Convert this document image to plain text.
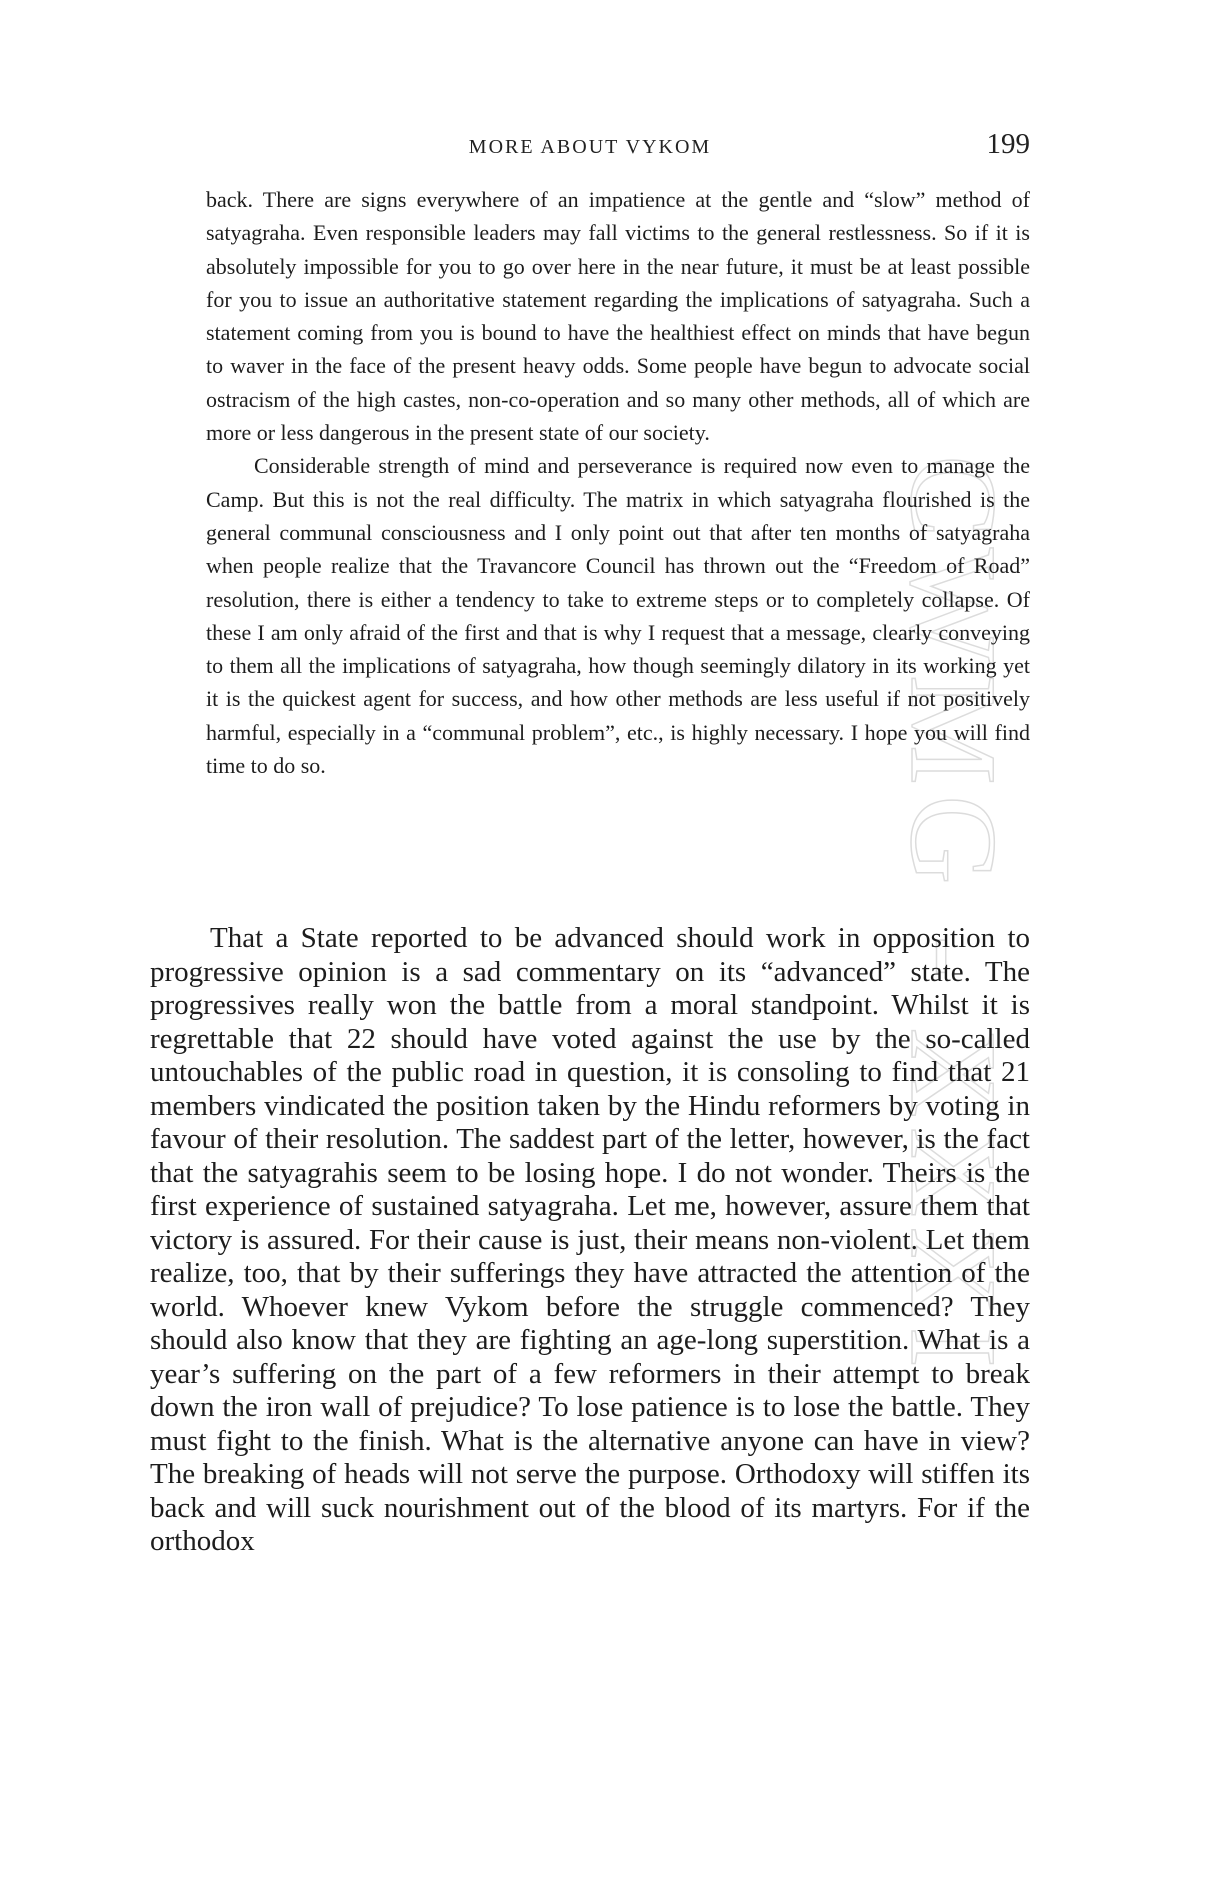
CWMG - XXXI
MORE ABOUT VYKOM	199

back. There are signs everywhere of an impatience at the gentle and “slow” method of satyagraha. Even responsible leaders may fall victims to the general restlessness. So if it is absolutely impossible for you to go over here in the near future, it must be at least possible for you to issue an authoritative statement regarding the implications of satyagraha. Such a statement coming from you is bound to have the healthiest effect on minds that have begun to waver in the face of the present heavy odds. Some people have begun to advocate social ostracism of the high castes, non-co-operation and so many other methods, all of which are more or less dangerous in the present state of our society.

Considerable strength of mind and perseverance is required now even to manage the Camp. But this is not the real difficulty. The matrix in which satyagraha flourished is the general communal consciousness and I only point out that after ten months of satyagraha when people realize that the Travancore Council has thrown out the “Freedom of Road” resolution, there is either a tendency to take to extreme steps or to completely collapse. Of these I am only afraid of the first and that is why I request that a message, clearly conveying to them all the implications of satyagraha, how though seemingly dilatory in its working yet it is the quickest agent for success, and how other methods are less useful if not positively harmful, especially in a “communal problem”, etc., is highly necessary. I hope you will find time to do so.

That a State reported to be advanced should work in opposition to progressive opinion is a sad commentary on its “advanced” state. The progressives really won the battle from a moral standpoint. Whilst it is regrettable that 22 should have voted against the use by the so-called untouchables of the public road in question, it is consoling to find that 21 members vindicated the position taken by the Hindu reformers by voting in favour of their resolution. The saddest part of the letter, however, is the fact that the satyagrahis seem to be losing hope. I do not wonder. Theirs is the first experience of sustained satyagraha. Let me, however, assure them that victory is assured. For their cause is just, their means non-violent. Let them realize, too, that by their sufferings they have attracted the attention of the world. Whoever knew Vykom before the struggle commenced? They should also know that they are fighting an age-long superstition. What is a year’s suffering on the part of a few reformers in their attempt to break down the iron wall of prejudice? To lose patience is to lose the battle. They must fight to the finish. What is the alternative anyone can have in view? The breaking of heads will not serve the purpose. Orthodoxy will stiffen its back and will suck nourishment out of the blood of its martyrs. For if the orthodox
